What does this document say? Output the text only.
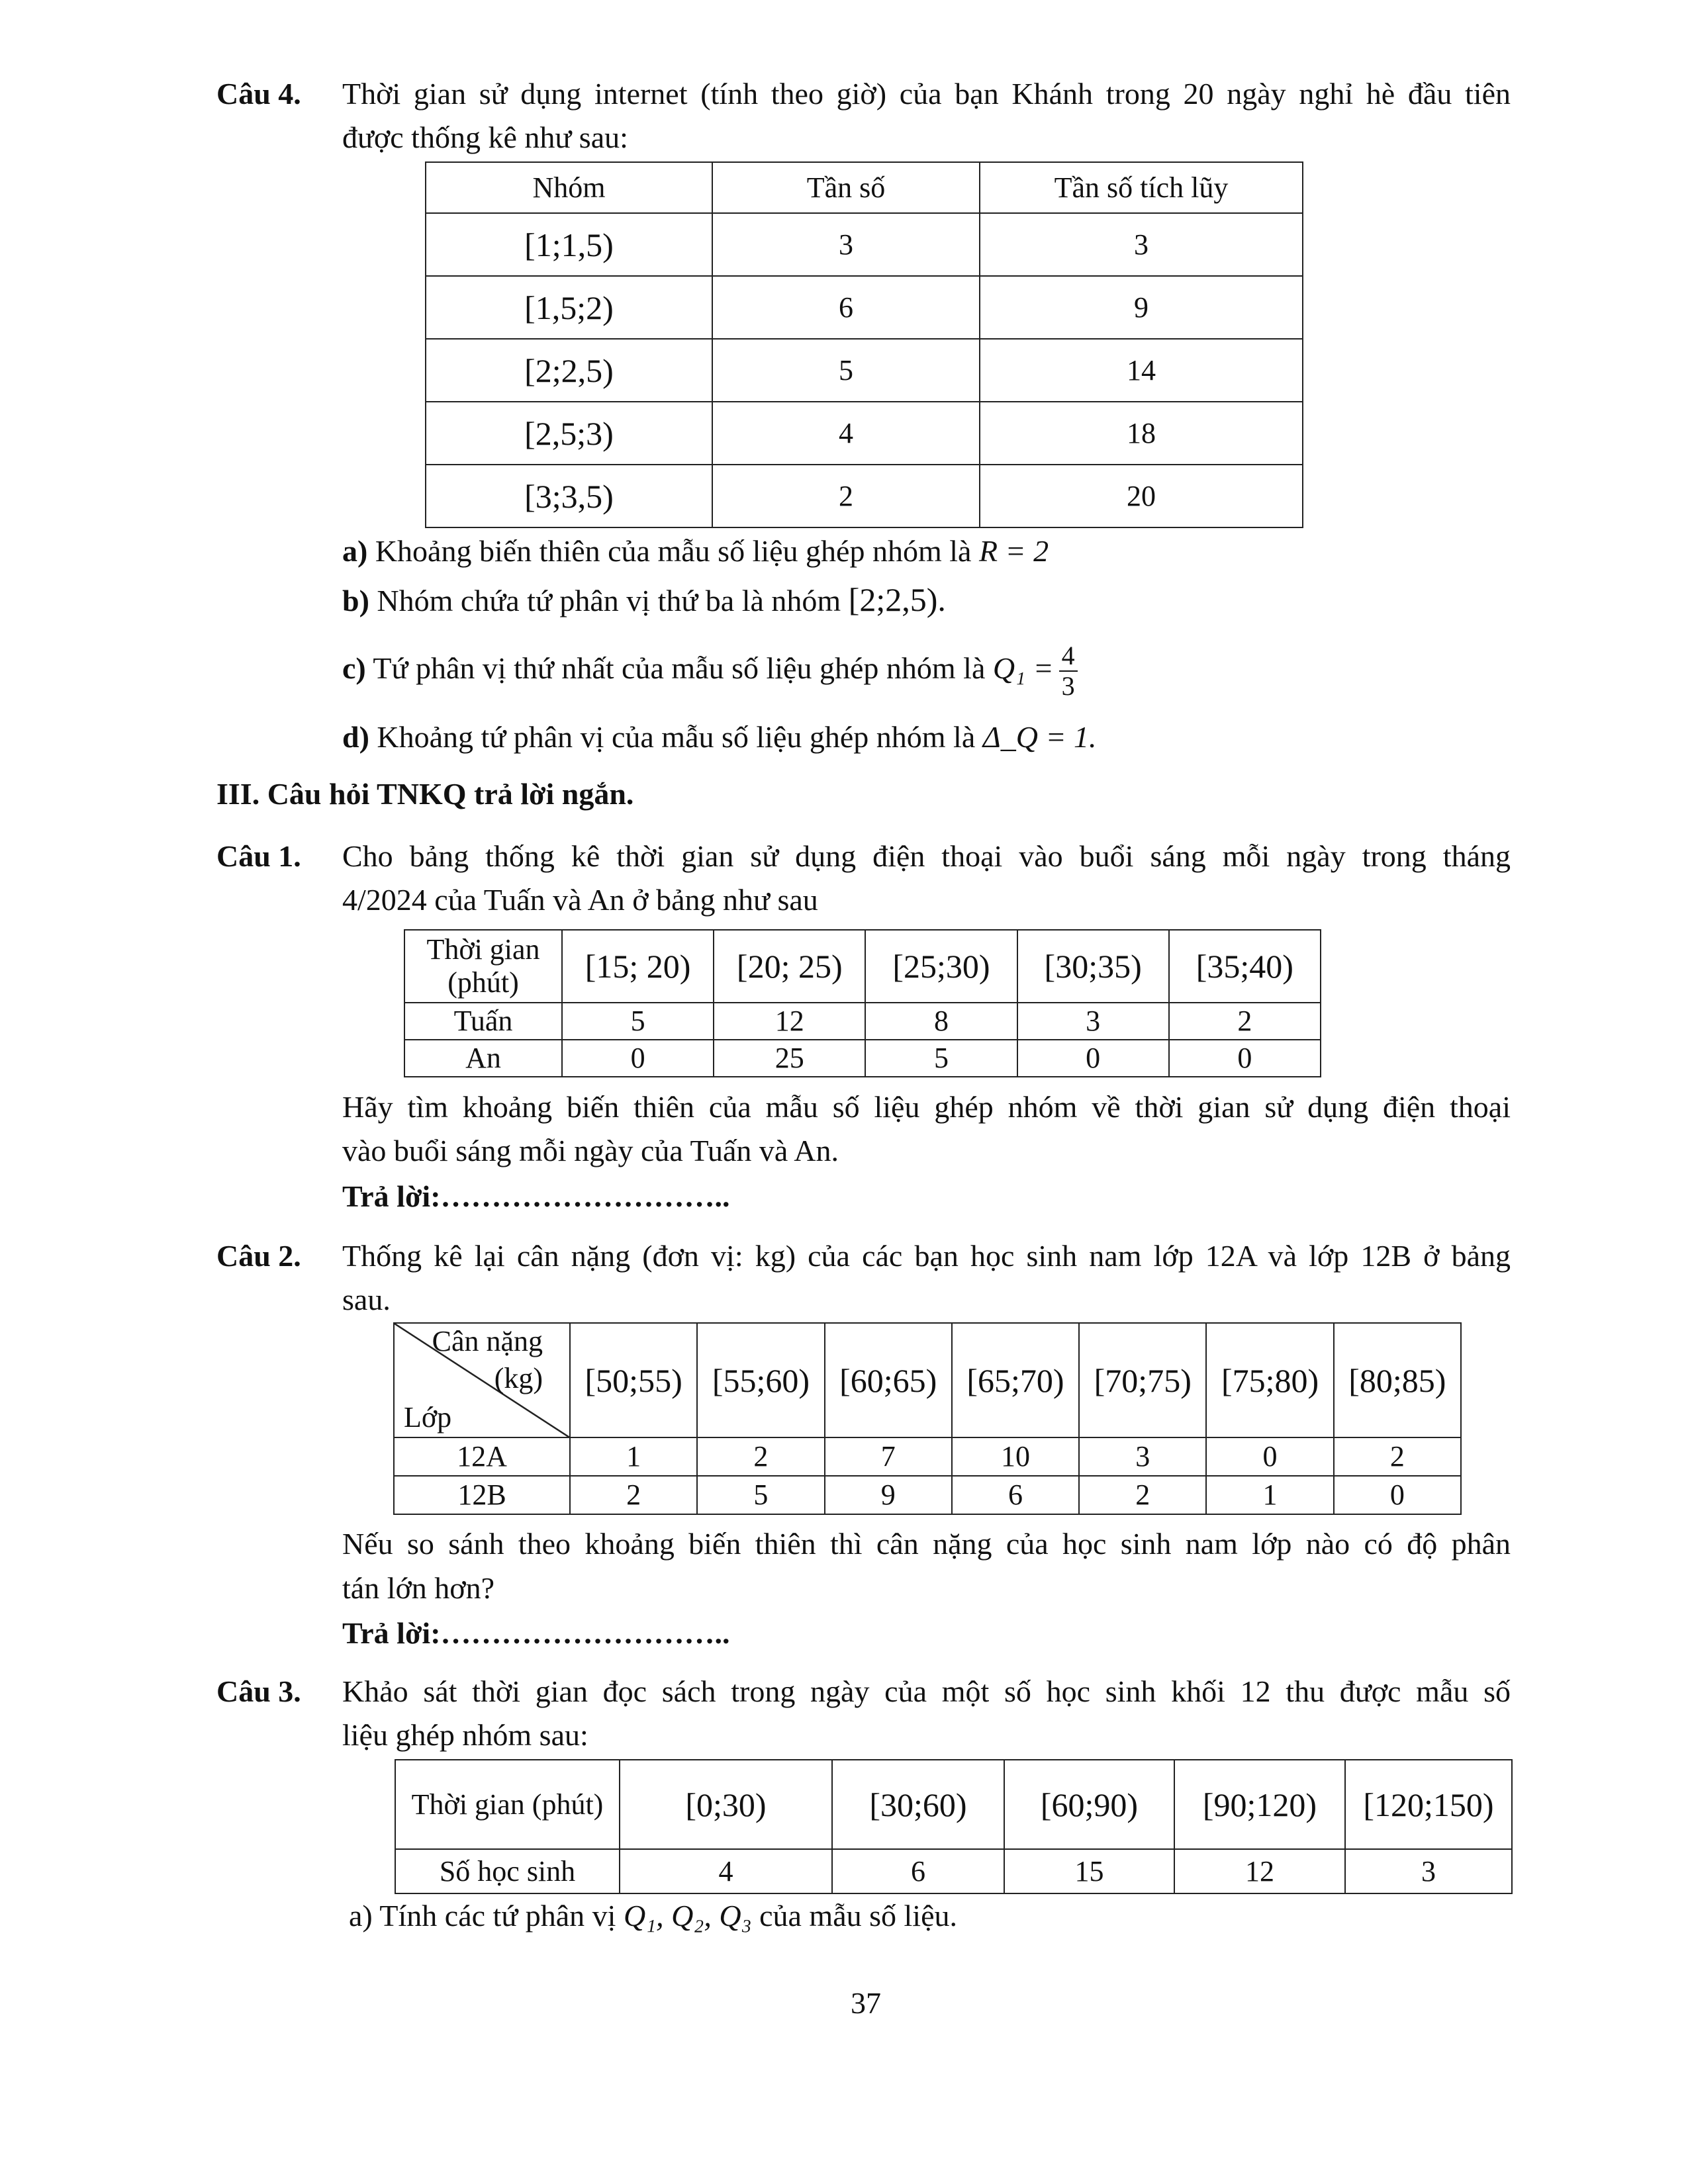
Câu 4. Thời gian sử dụng internet (tính theo giờ) của bạn Khánh trong 20 ngày nghỉ hè đầu tiên
được thống kê như sau:
Nhóm	Tần số	Tần số tích lũy
[1;1,5)	3	3
[1,5;2)	6	9
[2;2,5)	5	14
[2,5;3)	4	18
[3;3,5)	2	20
a) Khoảng biến thiên của mẫu số liệu ghép nhóm là R = 2
b) Nhóm chứa tứ phân vị thứ ba là nhóm [2;2,5).
c) Tứ phân vị thứ nhất của mẫu số liệu ghép nhóm là $Q_1 = \frac{4}{3}$
d) Khoảng tứ phân vị của mẫu số liệu ghép nhóm là Δ_Q = 1.
III. Câu hỏi TNKQ trả lời ngắn.
Câu 1. Cho bảng thống kê thời gian sử dụng điện thoại vào buổi sáng mỗi ngày trong tháng
4/2024 của Tuấn và An ở bảng như sau
Thời gian (phút)	[15; 20)	[20; 25)	[25;30)	[30;35)	[35;40)
Tuấn	5	12	8	3	2
An	0	25	5	0	0
Hãy tìm khoảng biến thiên của mẫu số liệu ghép nhóm về thời gian sử dụng điện thoại
vào buổi sáng mỗi ngày của Tuấn và An.
Trả lời:………………………..
Câu 2. Thống kê lại cân nặng (đơn vị: kg) của các bạn học sinh nam lớp 12A và lớp 12B ở bảng
sau.
Cân nặng
(kg)
Lớp	[50;55)	[55;60)	[60;65)	[65;70)	[70;75)	[75;80)	[80;85)
12A	1	2	7	10	3	0	2
12B	2	5	9	6	2	1	0
Nếu so sánh theo khoảng biến thiên thì cân nặng của học sinh nam lớp nào có độ phân
tán lớn hơn?
Trả lời:………………………..
Câu 3. Khảo sát thời gian đọc sách trong ngày của một số học sinh khối 12 thu được mẫu số
liệu ghép nhóm sau:
Thời gian (phút)	[0;30)	[30;60)	[60;90)	[90;120)	[120;150)
Số học sinh	4	6	15	12	3
a) Tính các tứ phân vị Q₁, Q₂, Q₃ của mẫu số liệu.
37
